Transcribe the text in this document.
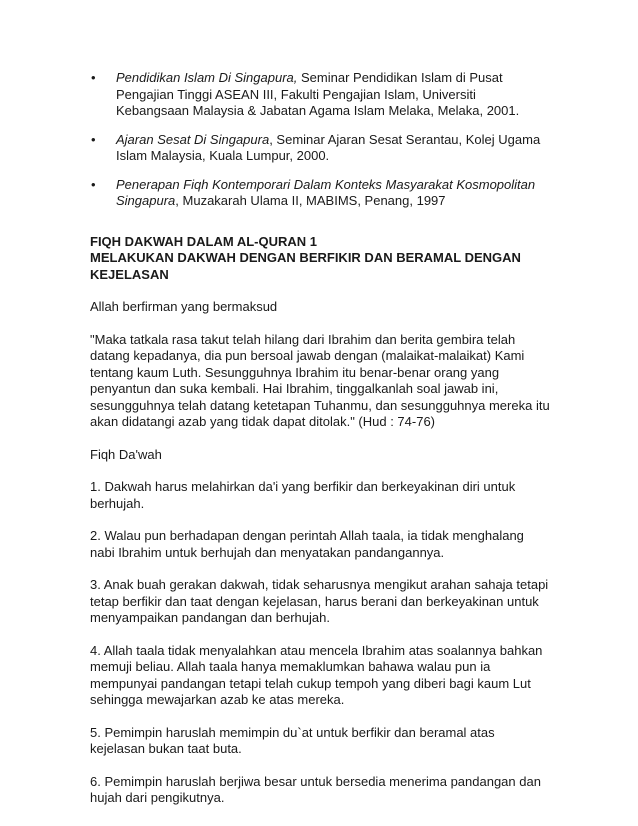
• Pendidikan Islam Di Singapura, Seminar Pendidikan Islam di Pusat Pengajian Tinggi ASEAN III, Fakulti Pengajian Islam, Universiti Kebangsaan Malaysia & Jabatan Agama Islam Melaka, Melaka, 2001.
• Ajaran Sesat Di Singapura, Seminar Ajaran Sesat Serantau, Kolej Ugama Islam Malaysia, Kuala Lumpur, 2000.
• Penerapan Fiqh Kontemporari Dalam Konteks Masyarakat Kosmopolitan Singapura, Muzakarah Ulama II, MABIMS, Penang, 1997
FIQH DAKWAH DALAM AL-QURAN 1
MELAKUKAN DAKWAH DENGAN BERFIKIR DAN BERAMAL DENGAN KEJELASAN

Allah berfirman yang bermaksud

"Maka tatkala rasa takut telah hilang dari Ibrahim dan berita gembira telah datang kepadanya, dia pun bersoal jawab dengan (malaikat-malaikat) Kami tentang kaum Luth. Sesungguhnya Ibrahim itu benar-benar orang yang penyantun dan suka kembali. Hai Ibrahim, tinggalkanlah soal jawab ini, sesungguhnya telah datang ketetapan Tuhanmu, dan sesungguhnya mereka itu akan didatangi azab yang tidak dapat ditolak." (Hud : 74-76)

Fiqh Da'wah

1. Dakwah harus melahirkan da'i yang berfikir dan berkeyakinan diri untuk berhujah.

2. Walau pun berhadapan dengan perintah Allah taala, ia tidak menghalang nabi Ibrahim untuk berhujah dan menyatakan pandangannya.

3. Anak buah gerakan dakwah, tidak seharusnya mengikut arahan sahaja tetapi tetap berfikir dan taat dengan kejelasan, harus berani dan berkeyakinan untuk menyampaikan pandangan dan berhujah.

4. Allah taala tidak menyalahkan atau mencela Ibrahim atas soalannya bahkan memuji beliau. Allah taala hanya memaklumkan bahawa walau pun ia mempunyai pandangan tetapi telah cukup tempoh yang diberi bagi kaum Lut sehingga mewajarkan azab ke atas mereka.

5. Pemimpin haruslah memimpin du`at untuk berfikir dan beramal atas kejelasan bukan taat buta.

6. Pemimpin haruslah berjiwa besar untuk bersedia menerima pandangan dan hujah dari pengikutnya.
